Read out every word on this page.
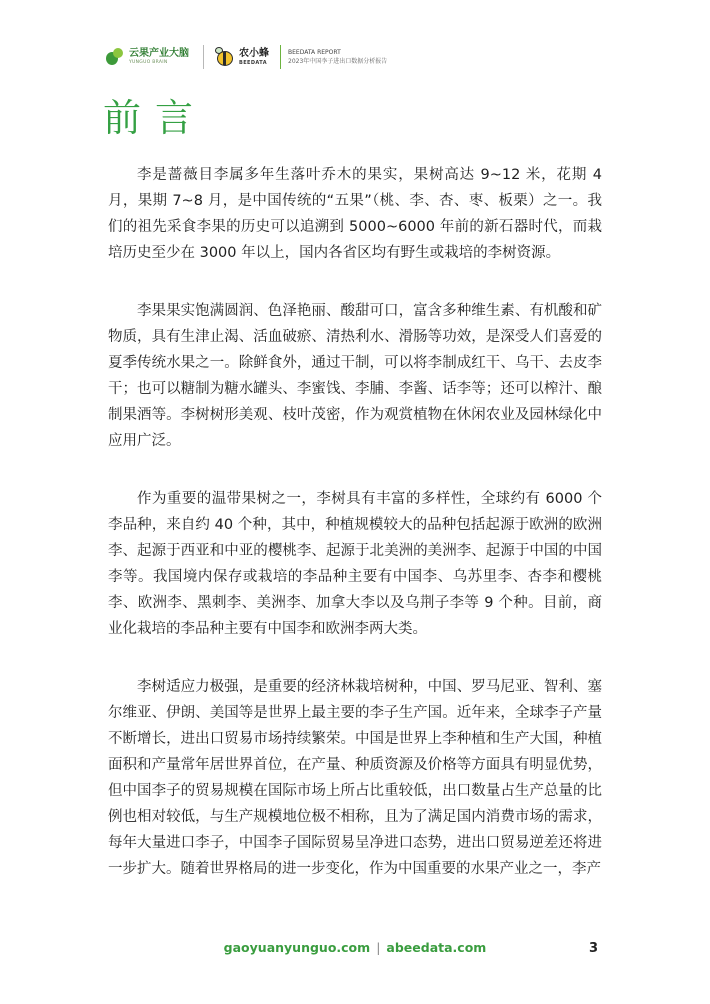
云果产业大脑
YUNGUO BRAIN
农小蜂
BEEDATA
BEEDATA REPORT
2023年中国李子进出口数据分析报告
前言

李是蔷薇目李属多年生落叶乔木的果实，果树高达 9~12 米，花期 4 月，果期 7~8 月，是中国传统的“五果”（桃、李、杏、枣、板栗）之一。我们的祖先采食李果的历史可以追溯到 5000~6000 年前的新石器时代，而栽培历史至少在 3000 年以上，国内各省区均有野生或栽培的李树资源。

李果果实饱满圆润、色泽艳丽、酸甜可口，富含多种维生素、有机酸和矿物质，具有生津止渴、活血破瘀、清热利水、滑肠等功效，是深受人们喜爱的夏季传统水果之一。除鲜食外，通过干制，可以将李制成红干、乌干、去皮李干；也可以糖制为糖水罐头、李蜜饯、李脯、李酱、话李等；还可以榨汁、酿制果酒等。李树树形美观、枝叶茂密，作为观赏植物在休闲农业及园林绿化中应用广泛。

作为重要的温带果树之一，李树具有丰富的多样性，全球约有 6000 个李品种，来自约 40 个种，其中，种植规模较大的品种包括起源于欧洲的欧洲李、起源于西亚和中亚的樱桃李、起源于北美洲的美洲李、起源于中国的中国李等。我国境内保存或栽培的李品种主要有中国李、乌苏里李、杏李和樱桃李、欧洲李、黑刺李、美洲李、加拿大李以及乌荆子李等 9 个种。目前，商业化栽培的李品种主要有中国李和欧洲李两大类。

李树适应力极强，是重要的经济林栽培树种，中国、罗马尼亚、智利、塞尔维亚、伊朗、美国等是世界上最主要的李子生产国。近年来，全球李子产量不断增长，进出口贸易市场持续繁荣。中国是世界上李种植和生产大国，种植面积和产量常年居世界首位，在产量、种质资源及价格等方面具有明显优势，但中国李子的贸易规模在国际市场上所占比重较低，出口数量占生产总量的比例也相对较低，与生产规模地位极不相称，且为了满足国内消费市场的需求，每年大量进口李子，中国李子国际贸易呈净进口态势，进出口贸易逆差还将进一步扩大。随着世界格局的进一步变化，作为中国重要的水果产业之一，李产

gaoyuanyunguo.com | abeedata.com	3
